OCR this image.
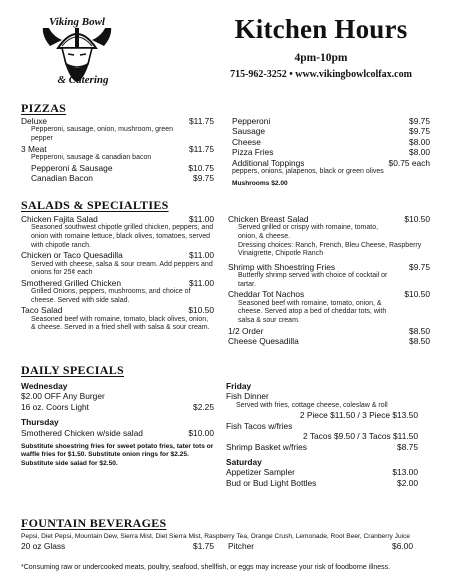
Viking Bowl
& Catering
Kitchen Hours
4pm-10pm
715-962-3252 • www.vikingbowlcolfax.com
PIZZAS
Deluxe	$11.75
Pepperoni, sausage, onion, mushroom, green pepper
3 Meat	$11.75
Pepperoni, sausage & canadian bacon
Pepperoni & Sausage	$10.75
Canadian Bacon	$9.75
Pepperoni	$9.75
Sausage	$9.75
Cheese	$8.00
Pizza Fries	$8.00
Additional Toppings	$0.75 each
peppers, onions, jalapenos, black or green olives
Mushrooms $2.00
SALADS & SPECIALTIES
Chicken Fajita Salad	$11.00
Seasoned southwest chipotle grilled chicken, peppers, and onion with romaine lettuce, black olives, tomatoes, served with chipotle ranch.
Chicken or Taco Quesadilla	$11.00
Served with cheese, salsa & sour cream. Add peppers and onions for 25¢ each
Smothered Grilled Chicken	$11.00
Grilled Onions, peppers, mushrooms, and choice of cheese. Served with side salad.
Taco Salad	$10.50
Seasoned beef with romaine, tomato, black olives, onion, & cheese. Served in a fried shell with salsa & sour cream.
Chicken Breast Salad	$10.50
Served grilled or crispy with romaine, tomato, onion, & cheese.
Dressing choices: Ranch, French, Bleu Cheese, Raspberry Vinaigrette, Chipotle Ranch
Shrimp with Shoestring Fries	$9.75
Butterfly shrimp served with choice of cocktail or tartar.
Cheddar Tot Nachos	$10.50
Seasoned beef with romaine, tomato, onion, & cheese. Served atop a bed of cheddar tots, with salsa & sour cream.
1/2 Order	$8.50
Cheese Quesadilla	$8.50
DAILY SPECIALS
Wednesday
$2.00 OFF Any Burger
16 oz. Coors Light	$2.25
Thursday
Smothered Chicken w/side salad	$10.00
Substitute shoestring fries for sweet potato fries, tater tots or waffle fries for $1.50. Substitute onion rings for $2.25.
Substitute side salad for $2.50.
Friday
Fish Dinner
Served with fries, cottage cheese, coleslaw & roll
2 Piece $11.50 / 3 Piece $13.50
Fish Tacos w/fries
2 Tacos $9.50 / 3 Tacos $11.50
Shrimp Basket w/fries	$8.75
Saturday
Appetizer Sampler	$13.00
Bud or Bud Light Bottles	$2.00
FOUNTAIN BEVERAGES
Pepsi, Diet Pepsi, Mountain Dew, Sierra Mist, Diet Sierra Mist, Raspberry Tea, Orange Crush, Lemonade, Root Beer, Cranberry Juice
20 oz Glass	$1.75 Pitcher	$6.00
*Consuming raw or undercooked meats, poultry, seafood, shellfish, or eggs may increase your risk of foodborne illness.
